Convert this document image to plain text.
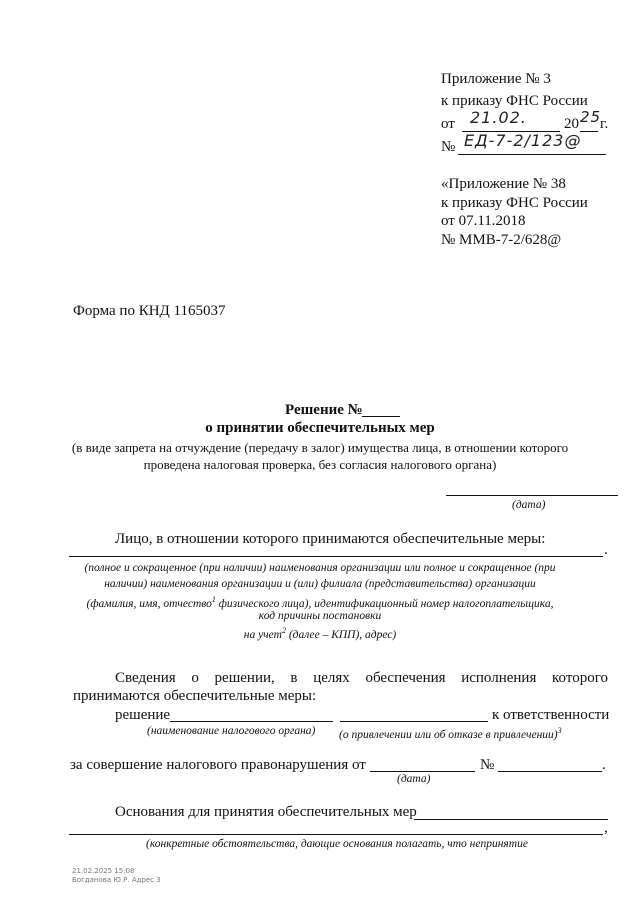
Приложение № 3
к приказу ФНС России
от 21.02. 20 25
г.
№ ЕД-7-2/123@
«Приложение № 38
к приказу ФНС России
от 07.11.2018
№ ММВ-7-2/628@
Форма по КНД 1165037
Решение №
о принятии обеспечительных мер
(в виде запрета на отчуждение (передачу в залог) имущества лица, в отношении которого
проведена налоговая проверка, без согласия налогового органа)
(дата)
Лицо, в отношении которого принимаются обеспечительные меры:
.
(полное и сокращенное (при наличии) наименования организации или полное и сокращенное (при
наличии) наименования организации и (или) филиала (представительства) организации
(фамилия, имя, отчество$^1$ физического лица), идентификационный номер налогоплательщика,
код причины постановки
на учет$^2$ (далее – КПП), адрес)
Сведения о решении, в целях обеспечения исполнения которого
принимаются обеспечительные меры:
решение	к ответственности
(наименование налогового органа) (о привлечении или об отказе в привлечении)$^3$
за совершение налогового правонарушения от	№	.
(дата)
Основания для принятия обеспечительных мер
,
(конкретные обстоятельства, дающие основания полагать, что непринятие
21.02.2025 15:08
Богданова Ю.Р. Адрес 3
